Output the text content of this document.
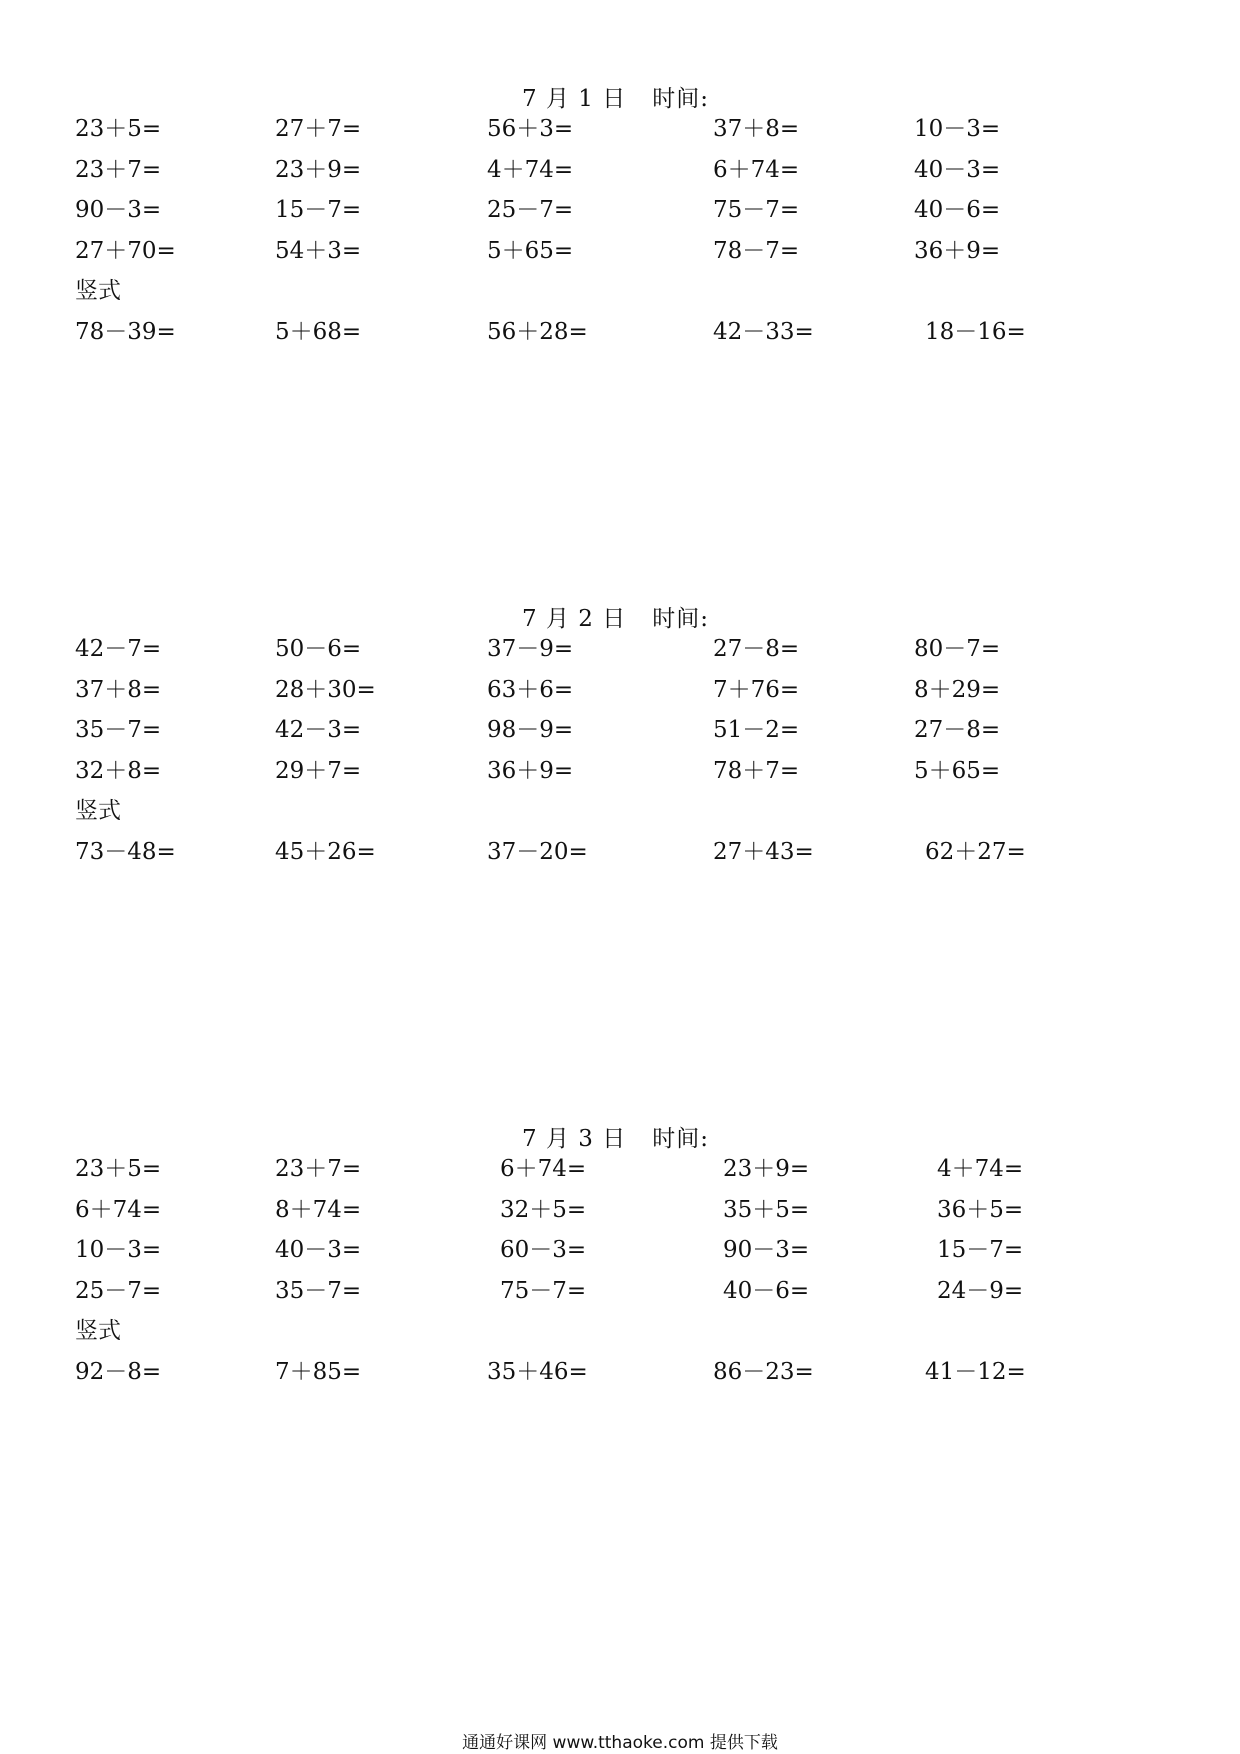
7 月 1 日 时间:
23＋5=	27＋7=	56＋3=	37＋8=	10－3=
23＋7=	23＋9=	4＋74=	6＋74=	40－3=
90－3=	15－7=	25－7=	75－7=	40－6=
27＋70=	54＋3=	5＋65=	78－7=	36＋9=
竖式
78－39=	5＋68=	56＋28=	42－33=	18－16=
7 月 2 日 时间:
42－7=	50－6=	37－9=	27－8=	80－7=
37＋8=	28＋30=	63＋6=	7＋76=	8＋29=
35－7=	42－3=	98－9=	51－2=	27－8=
32＋8=	29＋7=	36＋9=	78＋7=	5＋65=
竖式
73－48=	45＋26=	37－20=	27＋43=	62＋27=
7 月 3 日 时间:
23＋5=	23＋7=	6＋74=	23＋9=	4＋74=
6＋74=	8＋74=	32＋5=	35＋5=	36＋5=
10－3=	40－3=	60－3=	90－3=	15－7=
25－7=	35－7=	75－7=	40－6=	24－9=
竖式
92－8=	7＋85=	35＋46=	86－23=	41－12=
通通好课网 www.tthaoke.com 提供下载
